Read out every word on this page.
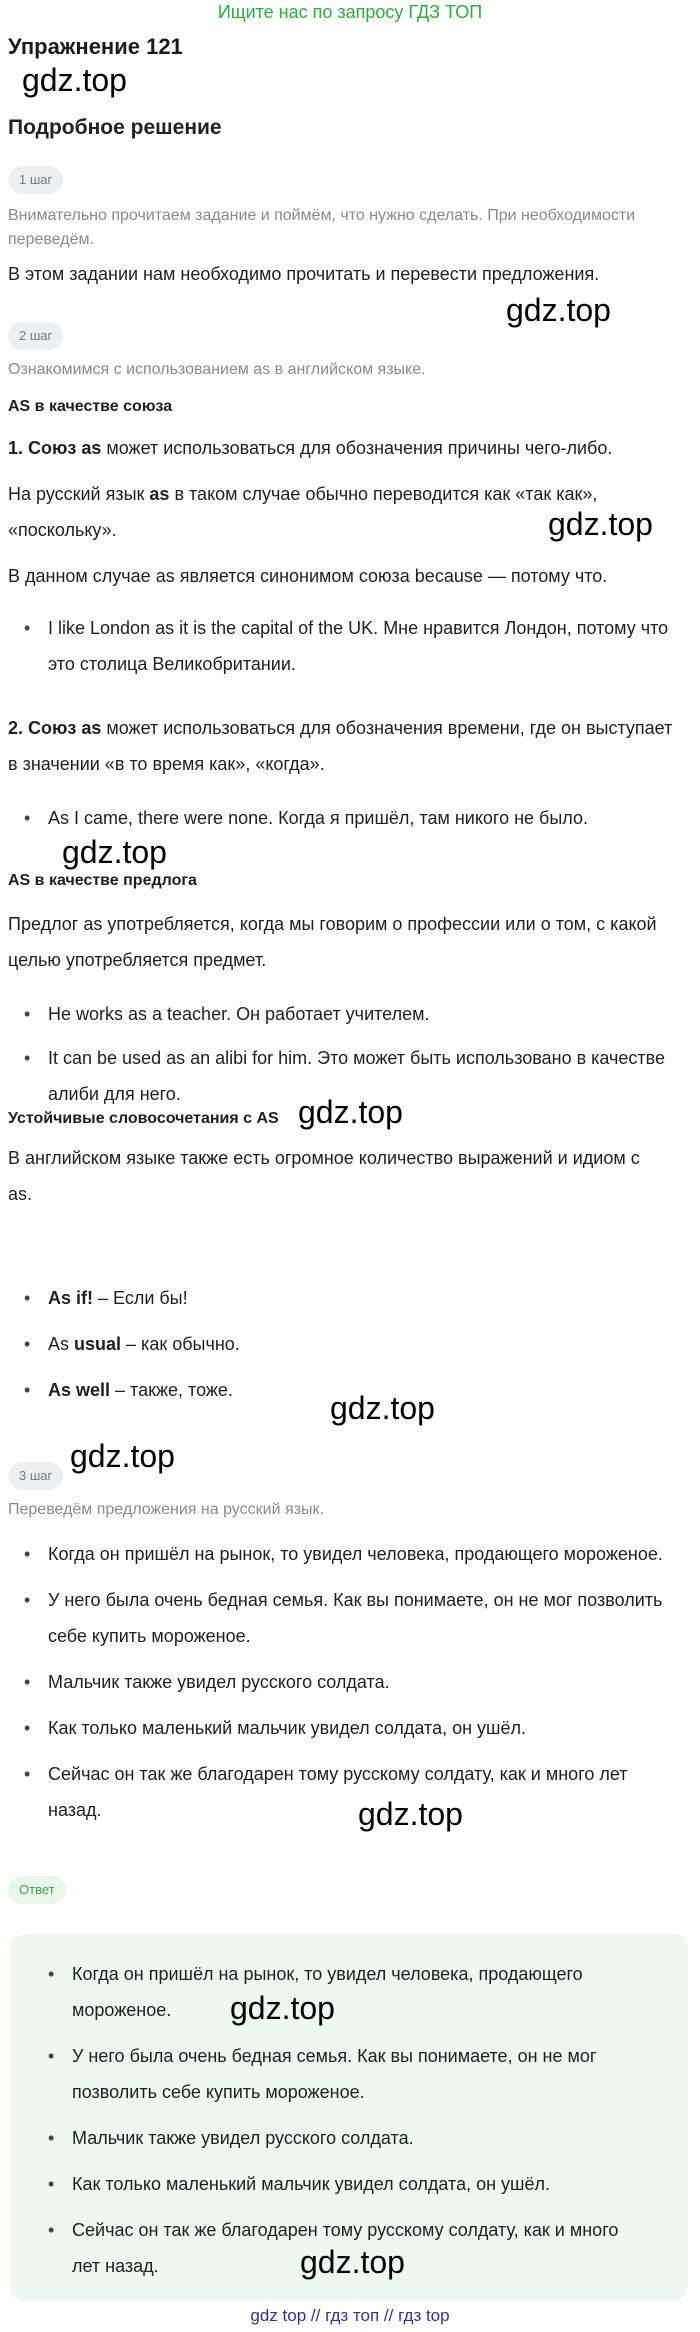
Ищите нас по запросу ГДЗ ТОП
Упражнение 121
gdz.top
Подробное решение
1 шаг
Внимательно прочитаем задание и поймём, что нужно сделать. При необходимости переведём.
В этом задании нам необходимо прочитать и перевести предложения.
gdz.top
2 шаг
Ознакомимся с использованием as в английском языке.
AS в качестве союза
1. Союз as может использоваться для обозначения причины чего-либо.
На русский язык as в таком случае обычно переводится как «так как»,
«поскольку».	gdz.top
В данном случае as является синонимом союза because — потому что.
• I like London as it is the capital of the UK. Мне нравится Лондон, потому что
это столица Великобритании.
2. Союз as может использоваться для обозначения времени, где он выступает
в значении «в то время как», «когда».
• As I came, there were none. Когда я пришёл, там никого не было.
gdz.top
AS в качестве предлога
Предлог as употребляется, когда мы говорим о профессии или о том, с какой
целью употребляется предмет.
• He works as a teacher. Он работает учителем.
• It can be used as an alibi for him. Это может быть использовано в качестве
алиби для него.
Устойчивые словосочетания с AS gdz.top
В английском языке также есть огромное количество выражений и идиом с
as.
• As if! – Если бы!
• As usual – как обычно.
• As well – также, тоже.	gdz.top
3 шаг
gdz.top
Переведём предложения на русский язык.
• Когда он пришёл на рынок, то увидел человека, продающего мороженое.
• У него была очень бедная семья. Как вы понимаете, он не мог позволить
себе купить мороженое.
• Мальчик также увидел русского солдата.
• Как только маленький мальчик увидел солдата, он ушёл.
• Сейчас он так же благодарен тому русскому солдату, как и много лет
назад.	gdz.top
Ответ
• Когда он пришёл на рынок, то увидел человека, продающего
мороженое.
• У него была очень бедная семья. Как вы понимаете, он не мог
позволить себе купить мороженое.
• Мальчик также увидел русского солдата.
• Как только маленький мальчик увидел солдата, он ушёл.
• Сейчас он так же благодарен тому русскому солдату, как и много
лет назад.
gdz.top
gdz.top
gdz top // гдз топ // гдз top
